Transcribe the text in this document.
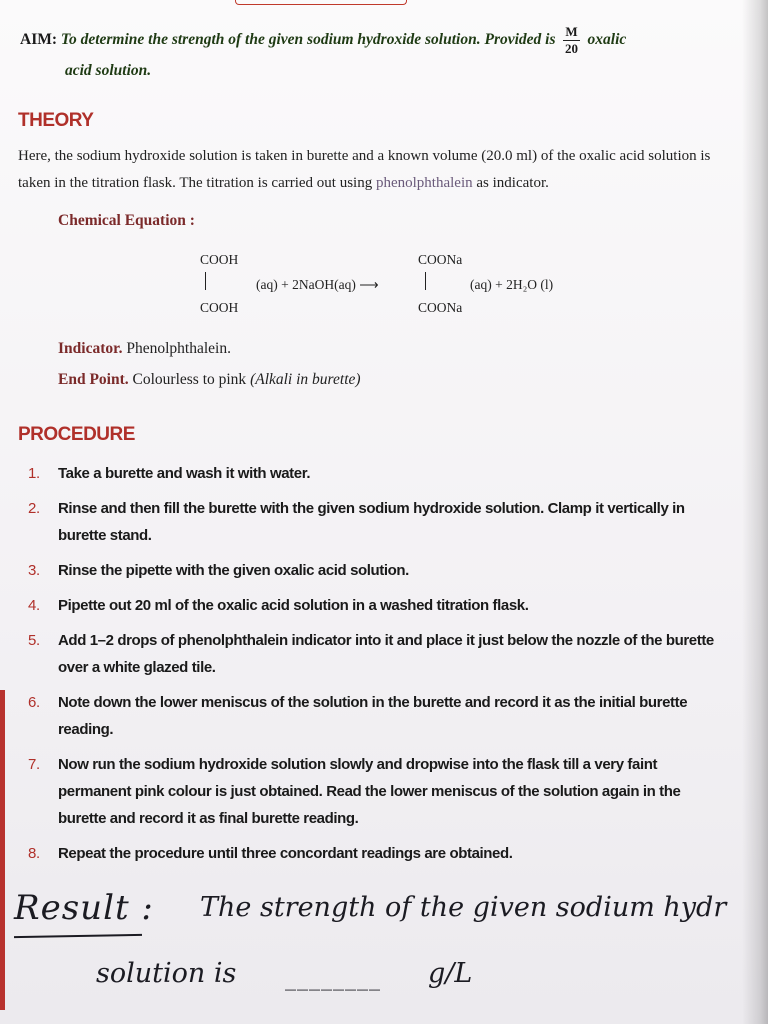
AIM: To determine the strength of the given sodium hydroxide solution. Provided is $\frac{M}{20}$ oxalic
acid solution.
THEORY
Here, the sodium hydroxide solution is taken in burette and a known volume (20.0 ml) of the oxalic acid solution is taken in the titration flask. The titration is carried out using phenolphthalein as indicator.
Chemical Equation :
COOH
COOH
(aq) + 2NaOH(aq) ⟶
COONa
COONa
(aq) + 2H₂O (l)
Indicator. Phenolphthalein.
End Point. Colourless to pink (Alkali in burette)
PROCEDURE
1. Take a burette and wash it with water.
2. Rinse and then fill the burette with the given sodium hydroxide solution. Clamp it vertically in burette stand.
3. Rinse the pipette with the given oxalic acid solution.
4. Pipette out 20 ml of the oxalic acid solution in a washed titration flask.
5. Add 1–2 drops of phenolphthalein indicator into it and place it just below the nozzle of the burette over a white glazed tile.
6. Note down the lower meniscus of the solution in the burette and record it as the initial burette reading.
7. Now run the sodium hydroxide solution slowly and dropwise into the flask till a very faint permanent pink colour is just obtained. Read the lower meniscus of the solution again in the burette and record it as final burette reading.
8. Repeat the procedure until three concordant readings are obtained.
Result : The strength of the given sodium hydr
solution is ________ g/L
